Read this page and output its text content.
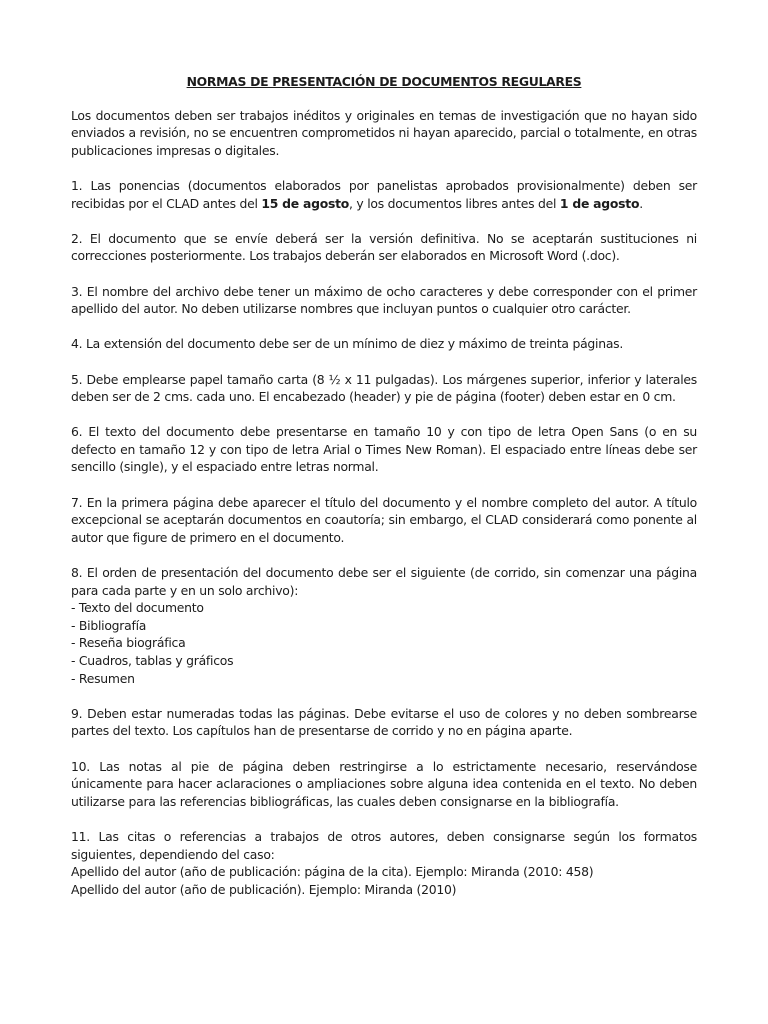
NORMAS DE PRESENTACIÓN DE DOCUMENTOS REGULARES

Los documentos deben ser trabajos inéditos y originales en temas de investigación que no hayan sido enviados a revisión, no se encuentren comprometidos ni hayan aparecido, parcial o totalmente, en otras publicaciones impresas o digitales.

1. Las ponencias (documentos elaborados por panelistas aprobados provisionalmente) deben ser recibidas por el CLAD antes del 15 de agosto, y los documentos libres antes del 1 de agosto.

2. El documento que se envíe deberá ser la versión definitiva. No se aceptarán sustituciones ni correcciones posteriormente. Los trabajos deberán ser elaborados en Microsoft Word (.doc).

3. El nombre del archivo debe tener un máximo de ocho caracteres y debe corresponder con el primer apellido del autor. No deben utilizarse nombres que incluyan puntos o cualquier otro carácter.

4. La extensión del documento debe ser de un mínimo de diez y máximo de treinta páginas.

5. Debe emplearse papel tamaño carta (8 ½ x 11 pulgadas). Los márgenes superior, inferior y laterales deben ser de 2 cms. cada uno. El encabezado (header) y pie de página (footer) deben estar en 0 cm.

6. El texto del documento debe presentarse en tamaño 10 y con tipo de letra Open Sans (o en su defecto en tamaño 12 y con tipo de letra Arial o Times New Roman). El espaciado entre líneas debe ser sencillo (single), y el espaciado entre letras normal.

7. En la primera página debe aparecer el título del documento y el nombre completo del autor. A título excepcional se aceptarán documentos en coautoría; sin embargo, el CLAD considerará como ponente al autor que figure de primero en el documento.

8. El orden de presentación del documento debe ser el siguiente (de corrido, sin comenzar una página para cada parte y en un solo archivo):
- Texto del documento
- Bibliografía
- Reseña biográfica
- Cuadros, tablas y gráficos
- Resumen

9. Deben estar numeradas todas las páginas. Debe evitarse el uso de colores y no deben sombrearse partes del texto. Los capítulos han de presentarse de corrido y no en página aparte.

10. Las notas al pie de página deben restringirse a lo estrictamente necesario, reservándose únicamente para hacer aclaraciones o ampliaciones sobre alguna idea contenida en el texto. No deben utilizarse para las referencias bibliográficas, las cuales deben consignarse en la bibliografía.

11. Las citas o referencias a trabajos de otros autores, deben consignarse según los formatos siguientes, dependiendo del caso:
Apellido del autor (año de publicación: página de la cita). Ejemplo: Miranda (2010: 458)
Apellido del autor (año de publicación). Ejemplo: Miranda (2010)
